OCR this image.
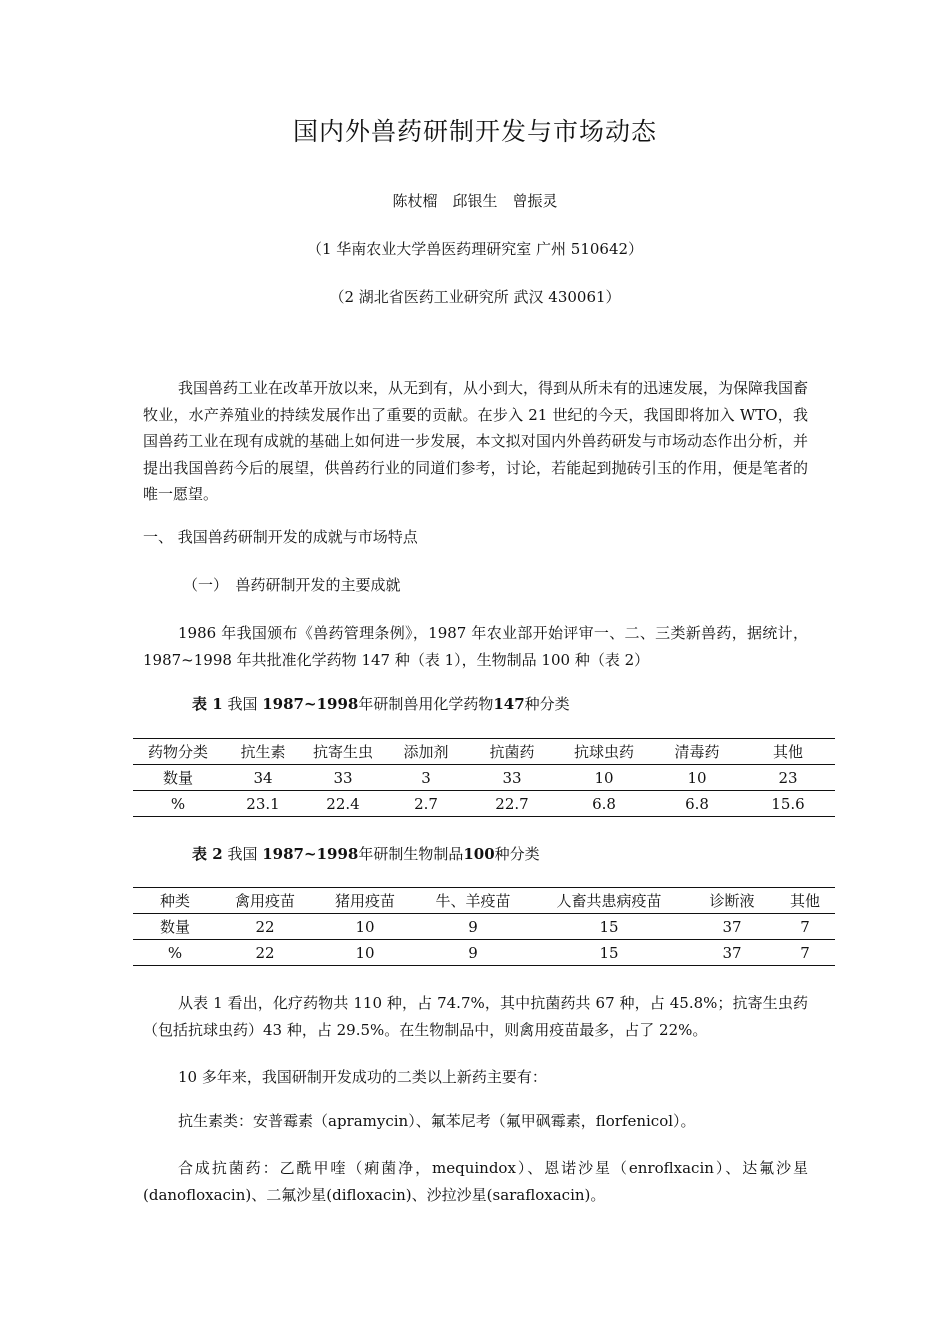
国内外兽药研制开发与市场动态
陈杖榴　邱银生　曾振灵
（1 华南农业大学兽医药理研究室 广州 510642）
（2 湖北省医药工业研究所 武汉 430061）
我国兽药工业在改革开放以来，从无到有，从小到大，得到从所未有的迅速发展，为保障我国畜牧业，水产养殖业的持续发展作出了重要的贡献。在步入 21 世纪的今天，我国即将加入 WTO，我国兽药工业在现有成就的基础上如何进一步发展，本文拟对国内外兽药研发与市场动态作出分析，并提出我国兽药今后的展望，供兽药行业的同道们参考，讨论，若能起到抛砖引玉的作用，便是笔者的唯一愿望。
一、 我国兽药研制开发的成就与市场特点
（一）　兽药研制开发的主要成就
1986 年我国颁布《兽药管理条例》，1987 年农业部开始评审一、二、三类新兽药，据统计，1987~1998 年共批准化学药物 147 种（表 1），生物制品 100 种（表 2）
表 1 我国 1987~1998年研制兽用化学药物147种分类
药物分类	抗生素	抗寄生虫	添加剂	抗菌药	抗球虫药	清毒药	其他
数量	34	33	3	33	10	10	23
%	23.1	22.4	2.7	22.7	6.8	6.8	15.6
表 2 我国 1987~1998年研制生物制品100种分类
种类	禽用疫苗	猪用疫苗	牛、羊疫苗	人畜共患病疫苗	诊断液	其他
数量	22	10	9	15	37	7
%	22	10	9	15	37	7
从表 1 看出，化疗药物共 110 种，占 74.7%，其中抗菌药共 67 种，占 45.8%；抗寄生虫药（包括抗球虫药）43 种，占 29.5%。在生物制品中，则禽用疫苗最多，占了 22%。
10 多年来，我国研制开发成功的二类以上新药主要有：
抗生素类：安普霉素（apramycin）、氟苯尼考（氟甲砜霉素，florfenicol）。
合成抗菌药：乙酰甲喹（痢菌净，mequindox）、恩诺沙星（enroflxacin）、达氟沙星(danofloxacin)、二氟沙星(difloxacin)、沙拉沙星(sarafloxacin)。
